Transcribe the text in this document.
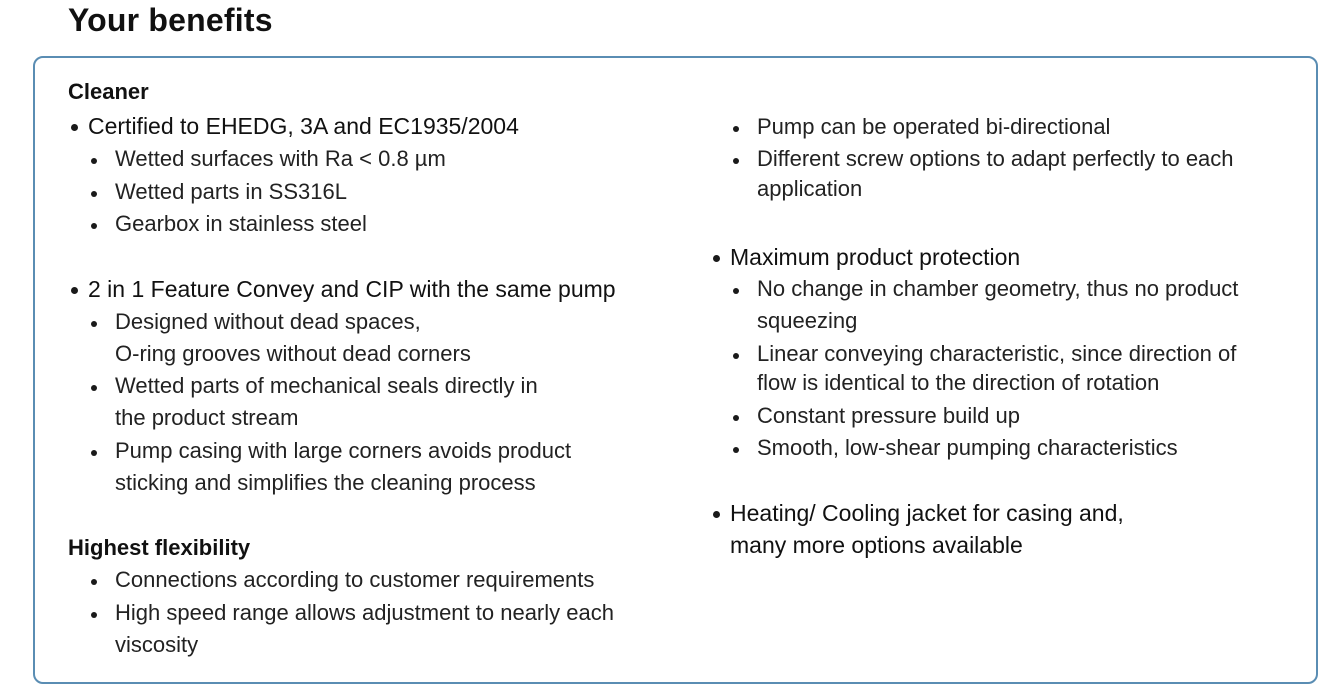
Your benefits
Cleaner
Certified to EHEDG, 3A and EC1935/2004
Wetted surfaces with Ra < 0.8 µm
Wetted parts in SS316L
Gearbox in stainless steel
2 in 1 Feature Convey and CIP with the same pump
Designed without dead spaces,
O-ring grooves without dead corners
Wetted parts of mechanical seals directly in
the product stream
Pump casing with large corners avoids product
sticking and simplifies the cleaning process
Highest flexibility
Connections according to customer requirements
High speed range allows adjustment to nearly each
viscosity
Pump can be operated bi-directional
Different screw options to adapt perfectly to each
application
Maximum product protection
No change in chamber geometry, thus no product
squeezing
Linear conveying characteristic, since direction of
flow is identical to the direction of rotation
Constant pressure build up
Smooth, low-shear pumping characteristics
Heating/ Cooling jacket for casing and,
many more options available
